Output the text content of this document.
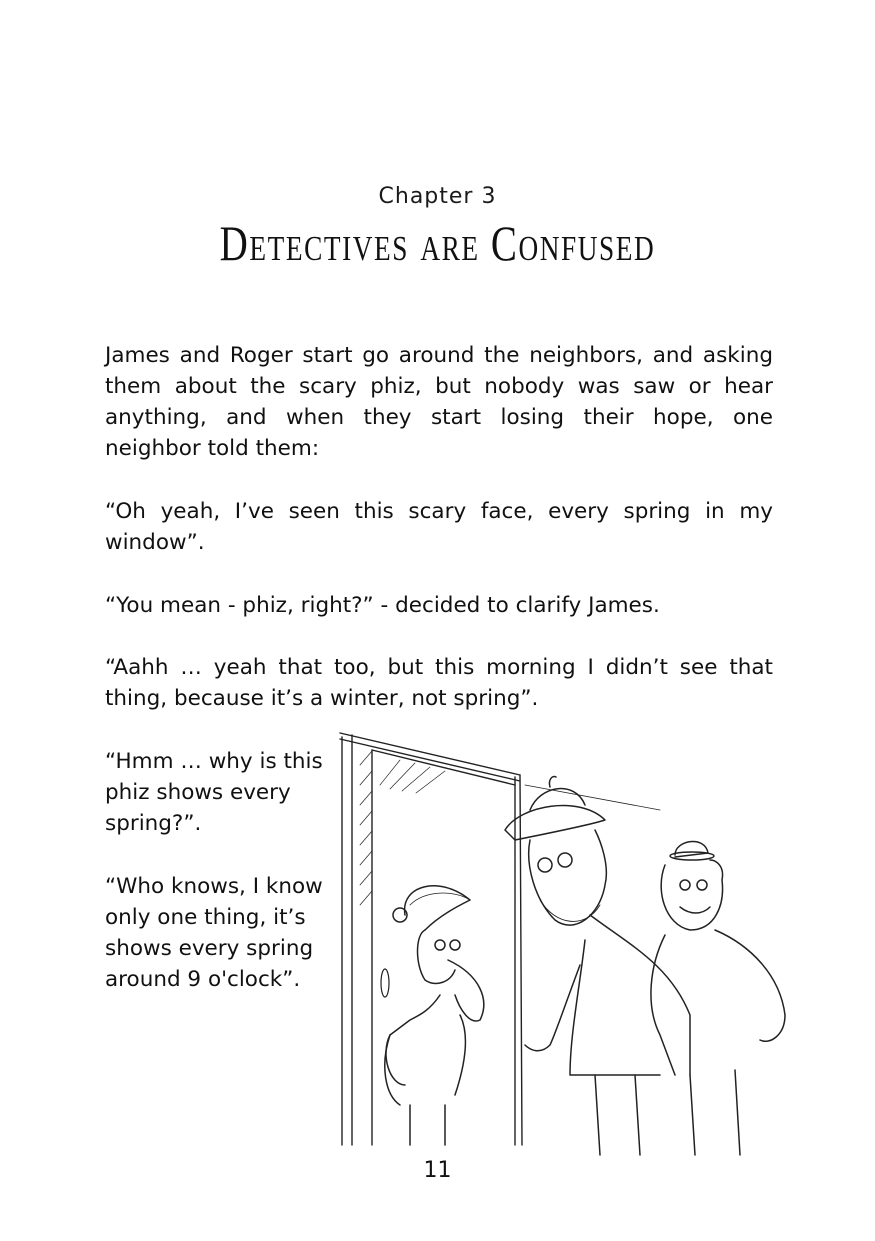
Chapter 3
Detectives are Confused

James and Roger start go around the neighbors, and asking them about the scary phiz, but nobody was saw or hear anything, and when they start losing their hope, one neighbor told them:

“Oh yeah, I’ve seen this scary face, every spring in my window”.

“You mean - phiz, right?” - decided to clarify James.

“Aahh … yeah that too, but this morning I didn’t see that thing, because it’s a winter, not spring”.

“Hmm … why is this phiz shows every spring?”.

“Who knows, I know only one thing, it’s shows every spring around 9 o'clock”.

11
